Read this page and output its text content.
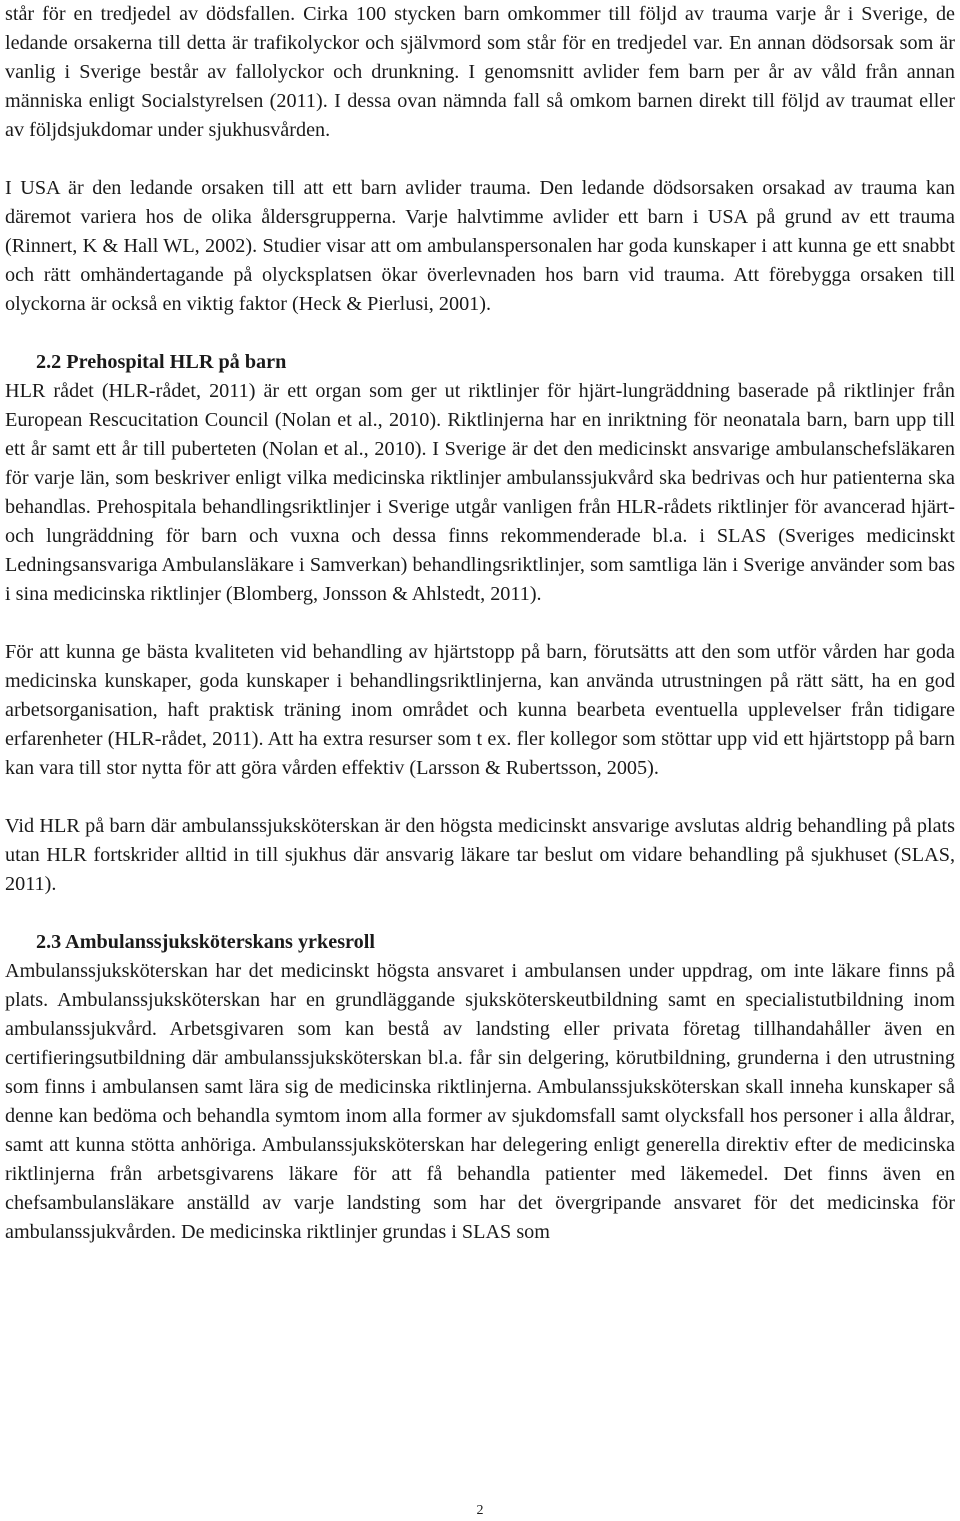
står för en tredjedel av dödsfallen. Cirka 100 stycken barn omkommer till följd av trauma varje år i Sverige, de ledande orsakerna till detta är trafikolyckor och självmord som står för en tredjedel var. En annan dödsorsak som är vanlig i Sverige består av fallolyckor och drunkning. I genomsnitt avlider fem barn per år av våld från annan människa enligt Socialstyrelsen (2011). I dessa ovan nämnda fall så omkom barnen direkt till följd av traumat eller av följdsjukdomar under sjukhusvården.

I USA är den ledande orsaken till att ett barn avlider trauma. Den ledande dödsorsaken orsakad av trauma kan däremot variera hos de olika åldersgrupperna. Varje halvtimme avlider ett barn i USA på grund av ett trauma (Rinnert, K & Hall WL, 2002). Studier visar att om ambulanspersonalen har goda kunskaper i att kunna ge ett snabbt och rätt omhändertagande på olycksplatsen ökar överlevnaden hos barn vid trauma. Att förebygga orsaken till olyckorna är också en viktig faktor (Heck & Pierlusi, 2001).

2.2 Prehospital HLR på barn

HLR rådet (HLR-rådet, 2011) är ett organ som ger ut riktlinjer för hjärt-lungräddning baserade på riktlinjer från European Rescucitation Council (Nolan et al., 2010). Riktlinjerna har en inriktning för neonatala barn, barn upp till ett år samt ett år till puberteten (Nolan et al., 2010). I Sverige är det den medicinskt ansvarige ambulanschefsläkaren för varje län, som beskriver enligt vilka medicinska riktlinjer ambulanssjukvård ska bedrivas och hur patienterna ska behandlas. Prehospitala behandlingsriktlinjer i Sverige utgår vanligen från HLR-rådets riktlinjer för avancerad hjärt- och lungräddning för barn och vuxna och dessa finns rekommenderade bl.a. i SLAS (Sveriges medicinskt Ledningsansvariga Ambulansläkare i Samverkan) behandlingsriktlinjer, som samtliga län i Sverige använder som bas i sina medicinska riktlinjer (Blomberg, Jonsson & Ahlstedt, 2011).

För att kunna ge bästa kvaliteten vid behandling av hjärtstopp på barn, förutsätts att den som utför vården har goda medicinska kunskaper, goda kunskaper i behandlingsriktlinjerna, kan använda utrustningen på rätt sätt, ha en god arbetsorganisation, haft praktisk träning inom området och kunna bearbeta eventuella upplevelser från tidigare erfarenheter (HLR-rådet, 2011). Att ha extra resurser som t ex. fler kollegor som stöttar upp vid ett hjärtstopp på barn kan vara till stor nytta för att göra vården effektiv (Larsson & Rubertsson, 2005).

Vid HLR på barn där ambulanssjuksköterskan är den högsta medicinskt ansvarige avslutas aldrig behandling på plats utan HLR fortskrider alltid in till sjukhus där ansvarig läkare tar beslut om vidare behandling på sjukhuset (SLAS, 2011).

2.3 Ambulanssjuksköterskans yrkesroll

Ambulanssjuksköterskan har det medicinskt högsta ansvaret i ambulansen under uppdrag, om inte läkare finns på plats. Ambulanssjuksköterskan har en grundläggande sjuksköterskeutbildning samt en specialistutbildning inom ambulanssjukvård. Arbetsgivaren som kan bestå av landsting eller privata företag tillhandahåller även en certifieringsutbildning där ambulanssjuksköterskan bl.a. får sin delgering, körutbildning, grunderna i den utrustning som finns i ambulansen samt lära sig de medicinska riktlinjerna. Ambulanssjuksköterskan skall inneha kunskaper så denne kan bedöma och behandla symtom inom alla former av sjukdomsfall samt olycksfall hos personer i alla åldrar, samt att kunna stötta anhöriga. Ambulanssjuksköterskan har delegering enligt generella direktiv efter de medicinska riktlinjerna från arbetsgivarens läkare för att få behandla patienter med läkemedel. Det finns även en chefsambulansläkare anställd av varje landsting som har det övergripande ansvaret för det medicinska för ambulanssjukvården. De medicinska riktlinjer grundas i SLAS som

2
